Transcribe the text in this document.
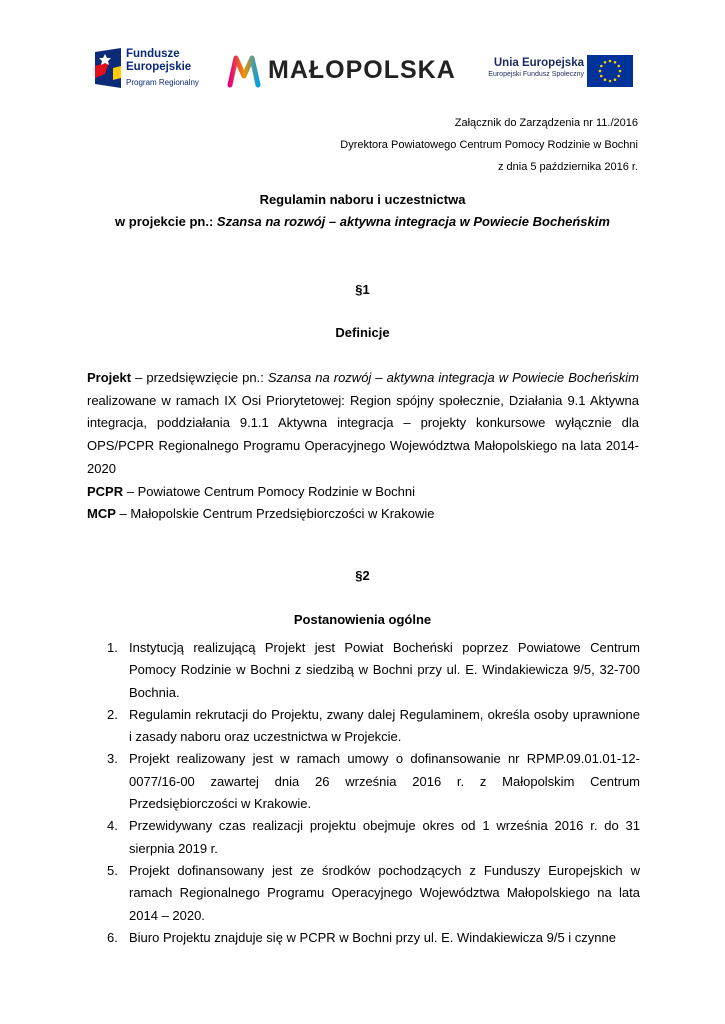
Fundusze
Europejskie
Program Regionalny	MAŁOPOLSKA	Unia Europejska
Europejski Fundusz Społeczny
Załącznik do Zarządzenia nr 11./2016
Dyrektora Powiatowego Centrum Pomocy Rodzinie w Bochni
z dnia 5 października 2016 r.
Regulamin naboru i uczestnictwa
w projekcie pn.: Szansa na rozwój – aktywna integracja w Powiecie Bocheńskim
§1
Definicje

Projekt – przedsięwzięcie pn.: Szansa na rozwój – aktywna integracja w Powiecie Bocheńskim realizowane w ramach IX Osi Priorytetowej: Region spójny społecznie, Działania 9.1 Aktywna integracja, poddziałania 9.1.1 Aktywna integracja – projekty konkursowe wyłącznie dla OPS/PCPR Regionalnego Programu Operacyjnego Województwa Małopolskiego na lata 2014-2020

PCPR – Powiatowe Centrum Pomocy Rodzinie w Bochni

MCP – Małopolskie Centrum Przedsiębiorczości w Krakowie

§2
Postanowienia ogólne
1. Instytucją realizującą Projekt jest Powiat Bocheński poprzez Powiatowe Centrum Pomocy Rodzinie w Bochni z siedzibą w Bochni przy ul. E. Windakiewicza 9/5, 32-700 Bochnia.
2. Regulamin rekrutacji do Projektu, zwany dalej Regulaminem, określa osoby uprawnione i zasady naboru oraz uczestnictwa w Projekcie.
3. Projekt realizowany jest w ramach umowy o dofinansowanie nr RPMP.09.01.01-12-0077/16-00 zawartej dnia 26 września 2016 r. z Małopolskim Centrum Przedsiębiorczości w Krakowie.
4. Przewidywany czas realizacji projektu obejmuje okres od 1 września 2016 r. do 31 sierpnia 2019 r.
5. Projekt dofinansowany jest ze środków pochodzących z Funduszy Europejskich w ramach Regionalnego Programu Operacyjnego Województwa Małopolskiego na lata 2014 – 2020.
6. Biuro Projektu znajduje się w PCPR w Bochni przy ul. E. Windakiewicza 9/5 i czynne
